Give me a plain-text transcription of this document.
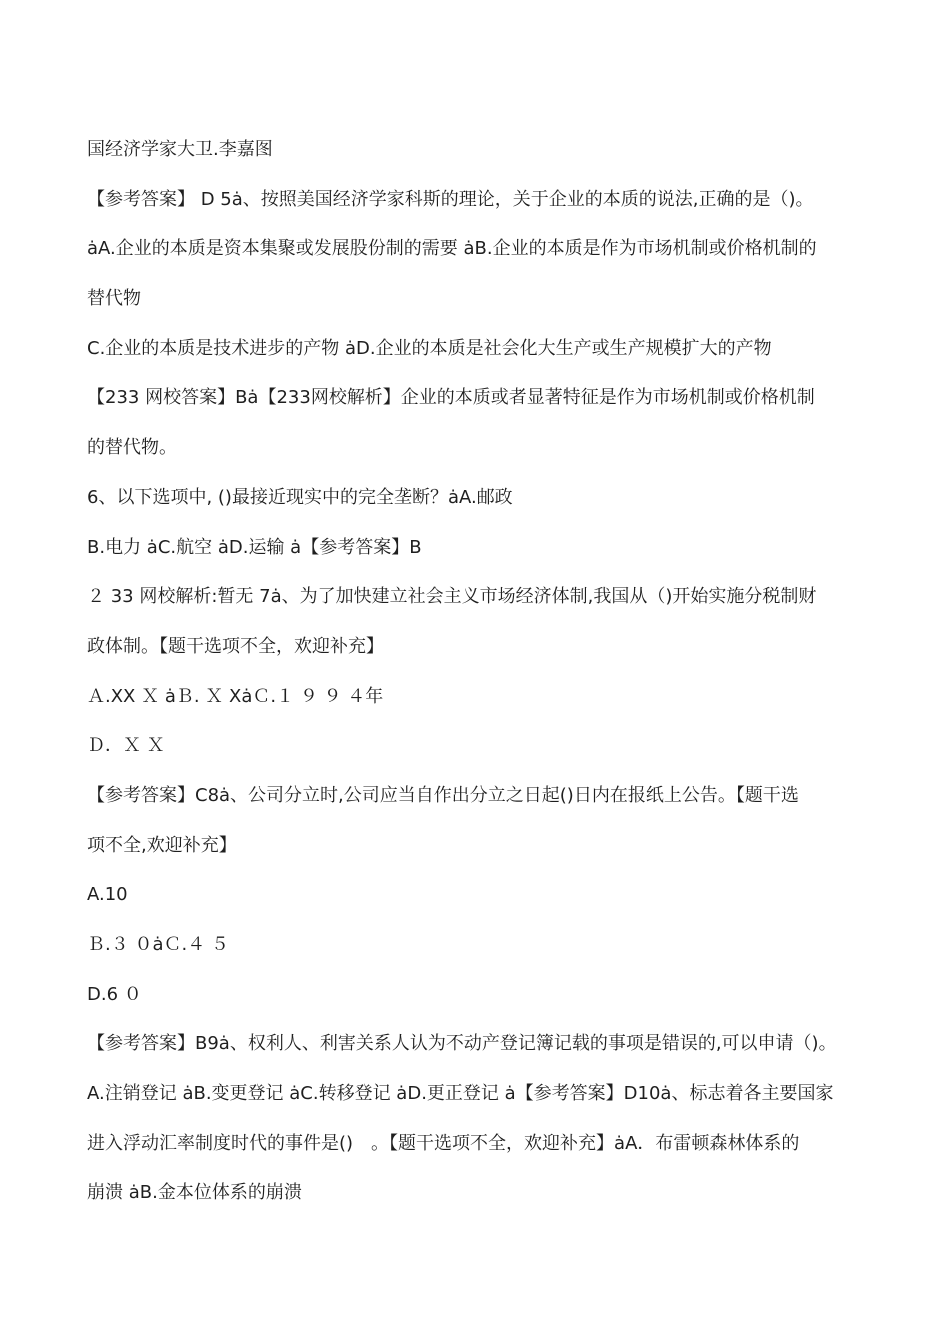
国经济学家大卫.李嘉图
【参考答案】 D 5ȧ、按照美国经济学家科斯的理论，关于企业的本质的说法,正确的是（)。
ȧA.企业的本质是资本集聚或发展股份制的需要 ȧB.企业的本质是作为市场机制或价格机制的
替代物
C.企业的本质是技术进步的产物 ȧD.企业的本质是社会化大生产或生产规模扩大的产物
【233 网校答案】Bȧ【233网校解析】企业的本质或者显著特征是作为市场机制或价格机制
的替代物。
6、以下选项中, ()最接近现实中的完全垄断？ȧA.邮政
B.电力 ȧC.航空 ȧD.运输 ȧ【参考答案】B
２ 33 网校解析:暂无 7ȧ、为了加快建立社会主义市场经济体制,我国从（)开始实施分税制财
政体制。【题干选项不全，欢迎补充】
Ａ.XX Ｘ ȧＢ. Ｘ XȧＣ.１ ９ ９ ４年
Ｄ．Ｘ Ｘ
【参考答案】C8ȧ、公司分立时,公司应当自作出分立之日起()日内在报纸上公告。【题干选
项不全,欢迎补充】
A.10
Ｂ.３ ０ȧＣ.４ ５
D.6 ０
【参考答案】B9ȧ、权利人、利害关系人认为不动产登记簿记载的事项是错误的,可以申请（)。
A.注销登记 ȧB.变更登记 ȧC.转移登记 ȧD.更正登记 ȧ【参考答案】D10ȧ、标志着各主要国家
进入浮动汇率制度时代的事件是()　。【题干选项不全，欢迎补充】ȧA．布雷顿森林体系的
崩溃 ȧB.金本位体系的崩溃
